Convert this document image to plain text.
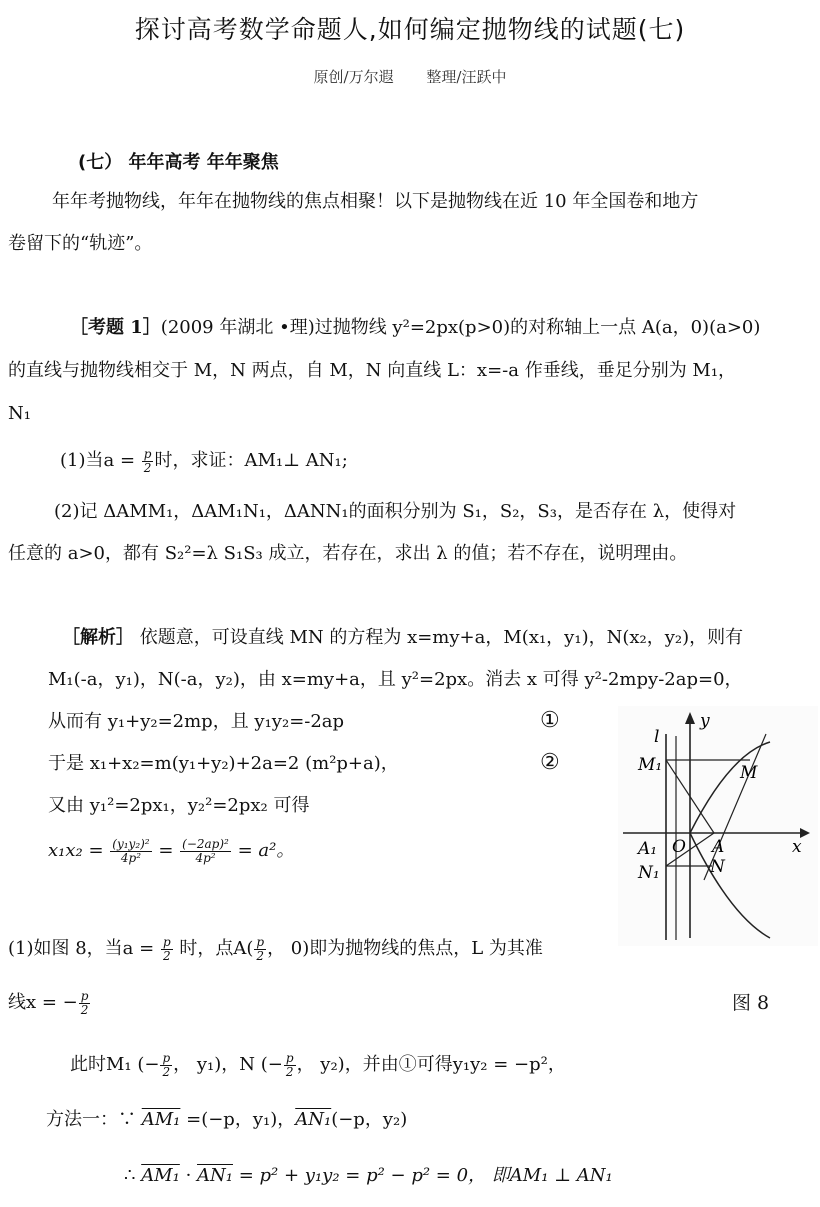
探讨高考数学命题人,如何编定抛物线的试题(七)
原创/万尔遐 整理/汪跃中
(七） 年年高考 年年聚焦
年年考抛物线，年年在抛物线的焦点相聚！以下是抛物线在近 10 年全国卷和地方
卷留下的“轨迹”。
［考题 1］(2009 年湖北 •理)过抛物线 y²=2px(p>0)的对称轴上一点 A(a，0)(a>0)
的直线与抛物线相交于 M，N 两点，自 M，N 向直线 L：x=-a 作垂线，垂足分别为 M₁，
N₁
(1)当$a = \frac{p}{2}$ 时，求证：AM₁⊥ AN₁;
(2)记 ΔAMM₁，ΔAM₁N₁，ΔANN₁的面积分别为 S₁，S₂，S₃，是否存在 λ，使得对
任意的 a>0，都有 S₂²=λ S₁S₃ 成立，若存在，求出 λ 的值；若不存在，说明理由。
［解析］ 依题意，可设直线 MN 的方程为 x=my+a，M(x₁，y₁)，N(x₂，y₂)，则有
M₁(-a，y₁)，N(-a，y₂)，由 x=my+a，且 y²=2px。消去 x 可得 y²-2mpy-2ap=0，
从而有 y₁+y₂=2mp，且 y₁y₂=-2ap	①
于是 x₁+x₂=m(y₁+y₂)+2a=2 (m²p+a)，	②
又由 y₁²=2px₁，y₂²=2px₂ 可得
$x_1x_2 = \frac{\text{(y₁y₂)²}}{\text{4p²}} = \frac{\text{(−2ap)²}}{\text{4p²}} = a^2$。
(1)如图 8，当$a = \frac{p}{2}$ 时，点$A( \frac{p}{2}$ ， 0)即为抛物线的焦点，L 为其准
线x = − $\frac{p}{2}$
此时M₁ (− $\frac{p}{2}$ ， y₁)，N (− $\frac{p}{2}$ ， y₂)，并由①可得y₁y₂ = −p²，
方法一：∵ AM₁ =(−p，y₁)，AN₁(−p，y₂)
∴ AM₁ · AN₁ = p² + y₁y₂ = p² − p² = 0， 即AM₁ ⊥ AN₁
l
y
x
M₁	M
A₁ O A
N₁	N
图 8
